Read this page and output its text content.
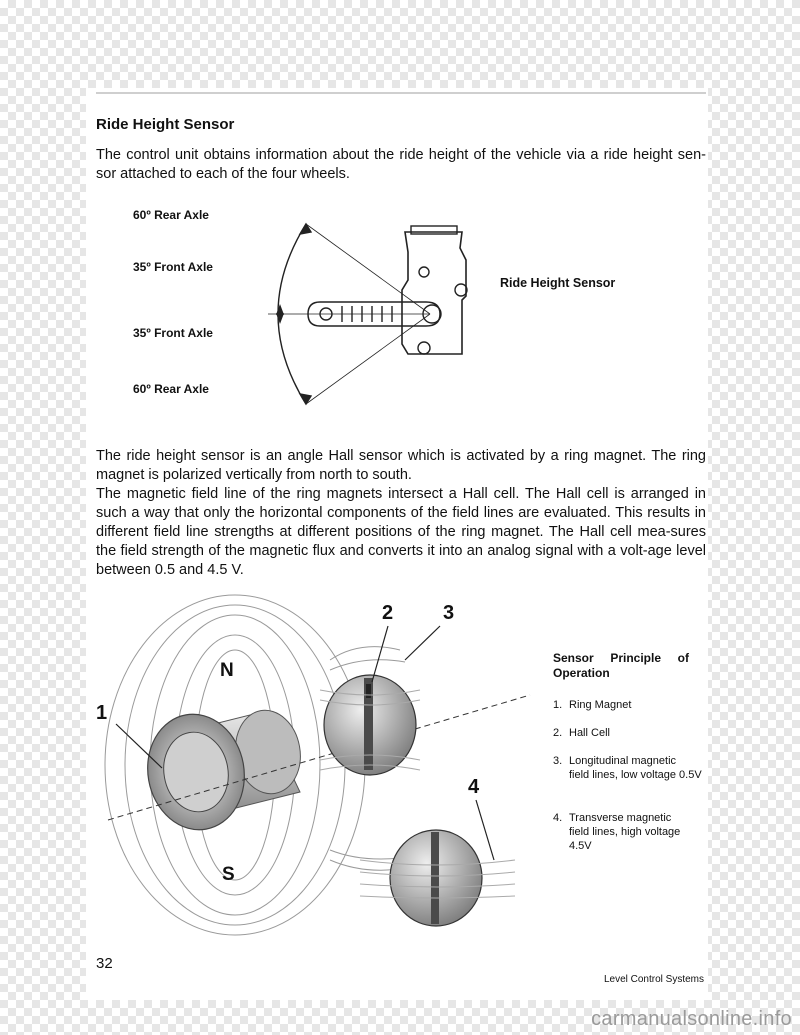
Ride Height Sensor
The control unit obtains information about the ride height of the vehicle via a ride height sen-sor attached to each of the four wheels.
60º Rear Axle
35º Front Axle
35º Front Axle
60º Rear Axle
Ride Height Sensor
The ride height sensor is an angle Hall sensor which is activated by a ring magnet. The ring magnet is polarized vertically from north to south.
The magnetic field line of the ring magnets intersect a Hall cell. The Hall cell is arranged in such a way that only the horizontal components of the field lines are evaluated. This results in different field line strengths at different positions of the ring magnet. The Hall cell mea-sures the field strength of the magnetic flux and converts it into an analog signal with a volt-age level between 0.5 and 4.5 V.
1
2 3
4
N
S
Sensor Principle of
Operation
1. Ring Magnet
2. Hall Cell
3. Longitudinal magnetic
field lines, low voltage 0.5V
4. Transverse magnetic
field lines, high voltage 4.5V
32
Level Control Systems
carmanualsonline.info
